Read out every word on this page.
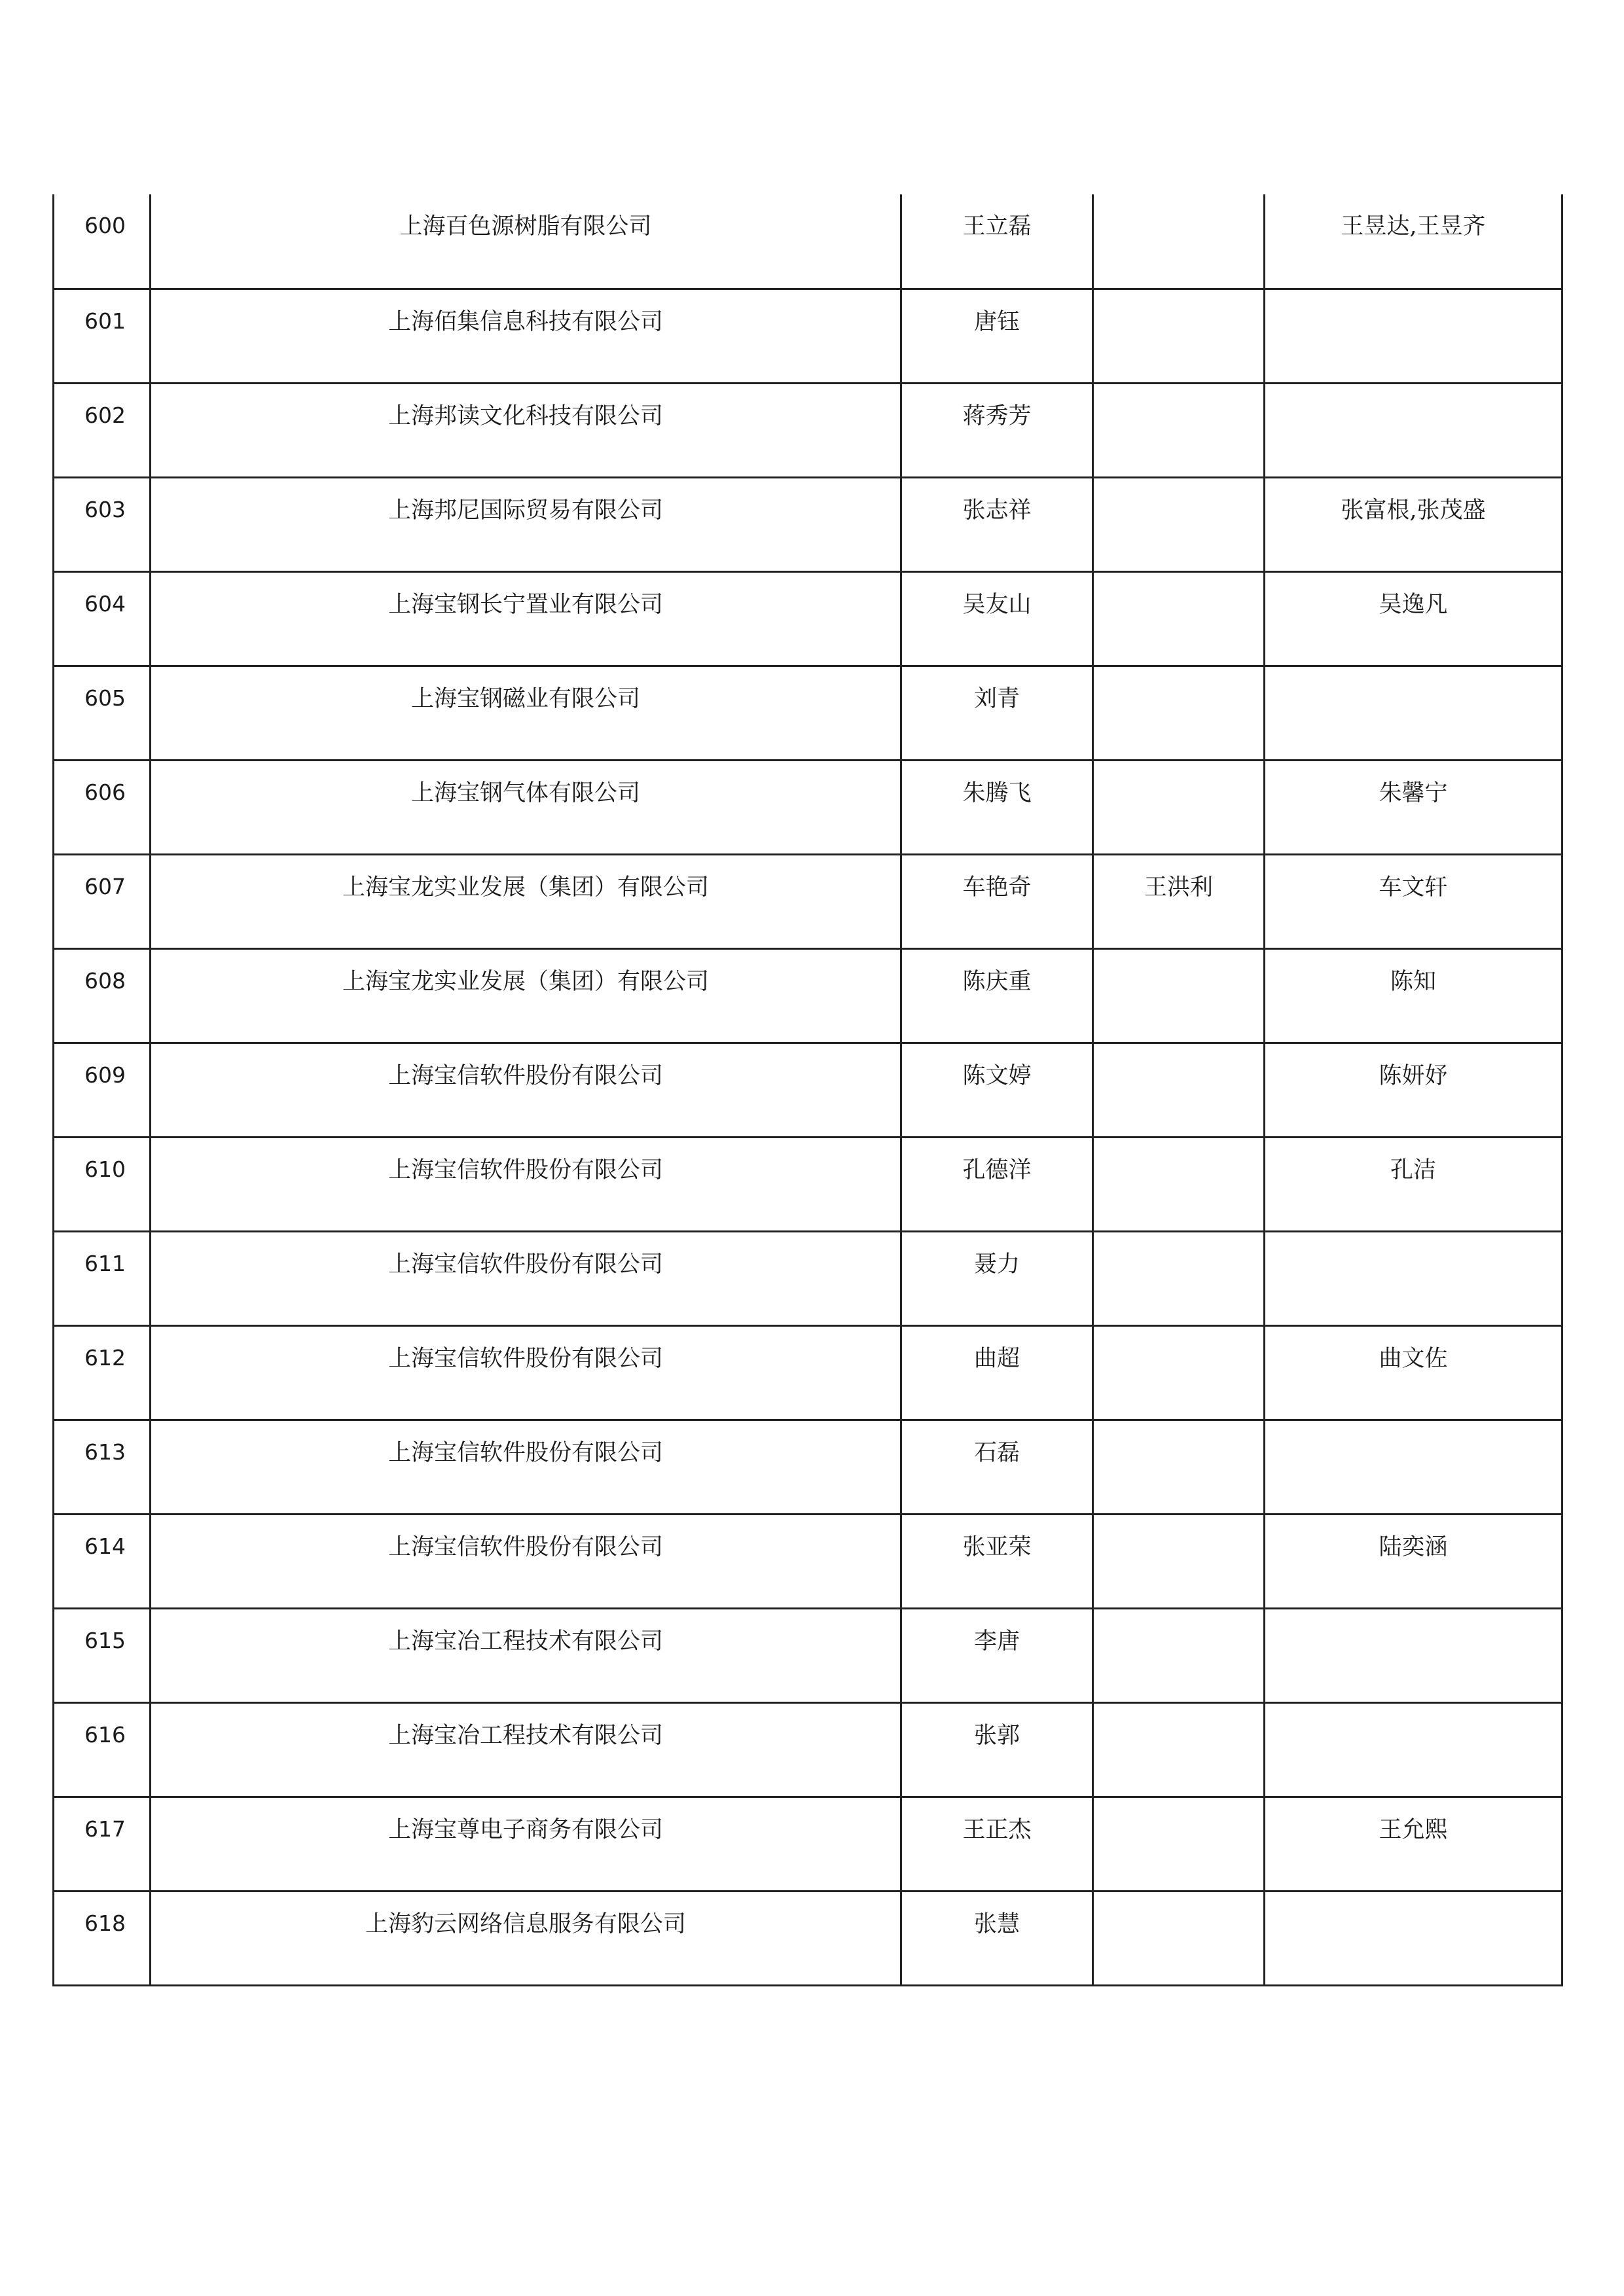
600	上海百色源树脂有限公司	王立磊		王昱达,王昱齐
601	上海佰集信息科技有限公司	唐钰		
602	上海邦读文化科技有限公司	蒋秀芳		
603	上海邦尼国际贸易有限公司	张志祥		张富根,张茂盛
604	上海宝钢长宁置业有限公司	吴友山		吴逸凡
605	上海宝钢磁业有限公司	刘青		
606	上海宝钢气体有限公司	朱腾飞		朱馨宁
607	上海宝龙实业发展（集团）有限公司	车艳奇	王洪利	车文轩
608	上海宝龙实业发展（集团）有限公司	陈庆重		陈知
609	上海宝信软件股份有限公司	陈文婷		陈妍妤
610	上海宝信软件股份有限公司	孔德洋		孔洁
611	上海宝信软件股份有限公司	聂力		
612	上海宝信软件股份有限公司	曲超		曲文佐
613	上海宝信软件股份有限公司	石磊		
614	上海宝信软件股份有限公司	张亚荣		陆奕涵
615	上海宝冶工程技术有限公司	李唐		
616	上海宝冶工程技术有限公司	张郭		
617	上海宝尊电子商务有限公司	王正杰		王允熙
618	上海豹云网络信息服务有限公司	张慧		
